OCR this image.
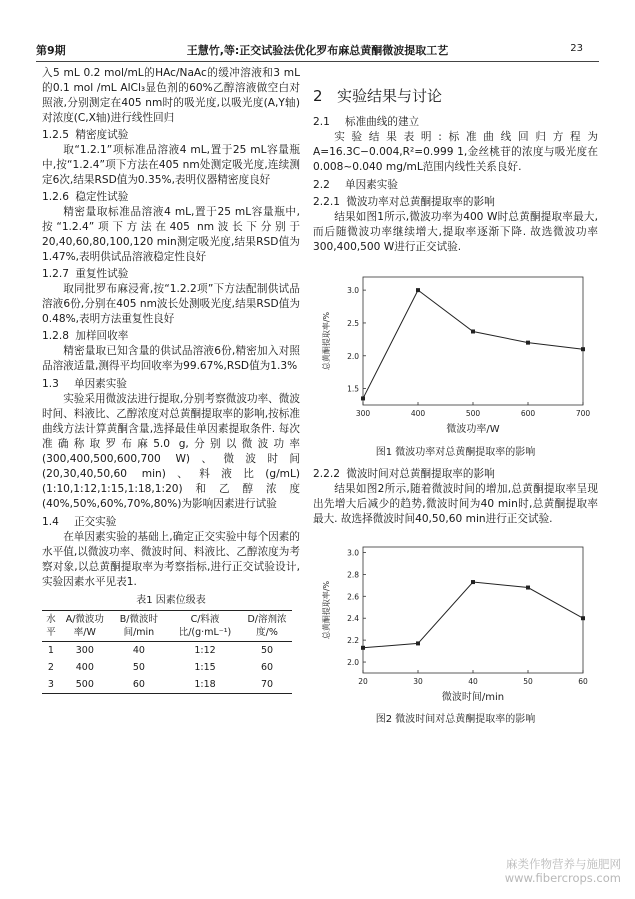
第9期	王慧竹,等:正交试验法优化罗布麻总黄酮微波提取工艺	23

入5 mL 0.2 mol/mL的HAc/NaAc的缓冲溶液和3 mL的0.1 mol /mL AlCl₃显色剂的60%乙醇溶液做空白对照液,分别测定在405 nm时的吸光度,以吸光度(A,Y轴)对浓度(C,X轴)进行线性回归

1.2.5 精密度试验

取“1.2.1”项标准品溶液4 mL,置于25 mL容量瓶中,按“1.2.4”项下方法在405 nm处测定吸光度,连续测定6次,结果RSD值为0.35%,表明仪器精密度良好

1.2.6 稳定性试验

精密量取标准品溶液4 mL,置于25 mL容量瓶中,按“1.2.4”项下方法在405 nm波长下分别于20,40,60,80,100,120 min测定吸光度,结果RSD值为1.47%,表明供试品溶液稳定性良好

1.2.7 重复性试验

取同批罗布麻浸膏,按“1.2.2项”下方法配制供试品溶液6份,分别在405 nm波长处测吸光度,结果RSD值为0.48%,表明方法重复性良好

1.2.8 加样回收率

精密量取已知含量的供试品溶液6份,精密加入对照品溶液适量,测得平均回收率为99.67%,RSD值为1.3%

1.3 单因素实验

实验采用微波法进行提取,分别考察微波功率、微波时间、料液比、乙醇浓度对总黄酮提取率的影响,按标准曲线方法计算黄酮含量,选择最佳单因素提取条件. 每次准确称取罗布麻5.0 g,分别以微波功率(300,400,500,600,700 W)、微波时间(20,30,40,50,60 min)、料液比(g/mL)(1:10,1:12,1:15,1:18,1:20)和乙醇浓度(40%,50%,60%,70%,80%)为影响因素进行试验

1.4 正交实验

在单因素实验的基础上,确定正交实验中每个因素的水平值,以微波功率、微波时间、料液比、乙醇浓度为考察对象,以总黄酮提取率为考察指标,进行正交试验设计,实验因素水平见表1.

表1 因素位级表
水平	A/微波功率/W	B/微波时间/min	C/料液比/(g·mL⁻¹)	D/溶剂浓度/%
1	300	40	1:12	50
2	400	50	1:15	60
3	500	60	1:18	70
2 实验结果与讨论
2.1 标准曲线的建立

实验结果表明:标准曲线回归方程为A=16.3C−0.004,R²=0.999 1,金丝桃苷的浓度与吸光度在0.008~0.040 mg/mL范围内线性关系良好.

2.2 单因素实验
2.2.1 微波功率对总黄酮提取率的影响

结果如图1所示,微波功率为400 W时总黄酮提取率最大,而后随微波功率继续增大,提取率逐渐下降. 故选微波功率300,400,500 W进行正交试验.

1.5
2.0
2.5
3.0
300	400	500	600	700
微波功率/W
总黄酮提取率/%
图1 微波功率对总黄酮提取率的影响
2.2.2 微波时间对总黄酮提取率的影响

结果如图2所示,随着微波时间的增加,总黄酮提取率呈现出先增大后减少的趋势,微波时间为40 min时,总黄酮提取率最大. 故选择微波时间40,50,60 min进行正交试验.

2.0
2.2
2.4
2.6
2.8
3.0
20	30	40	50	60
微波时间/min
总黄酮提取率/%
图2 微波时间对总黄酮提取率的影响
麻类作物营养与施肥网
www.fibercrops.com
